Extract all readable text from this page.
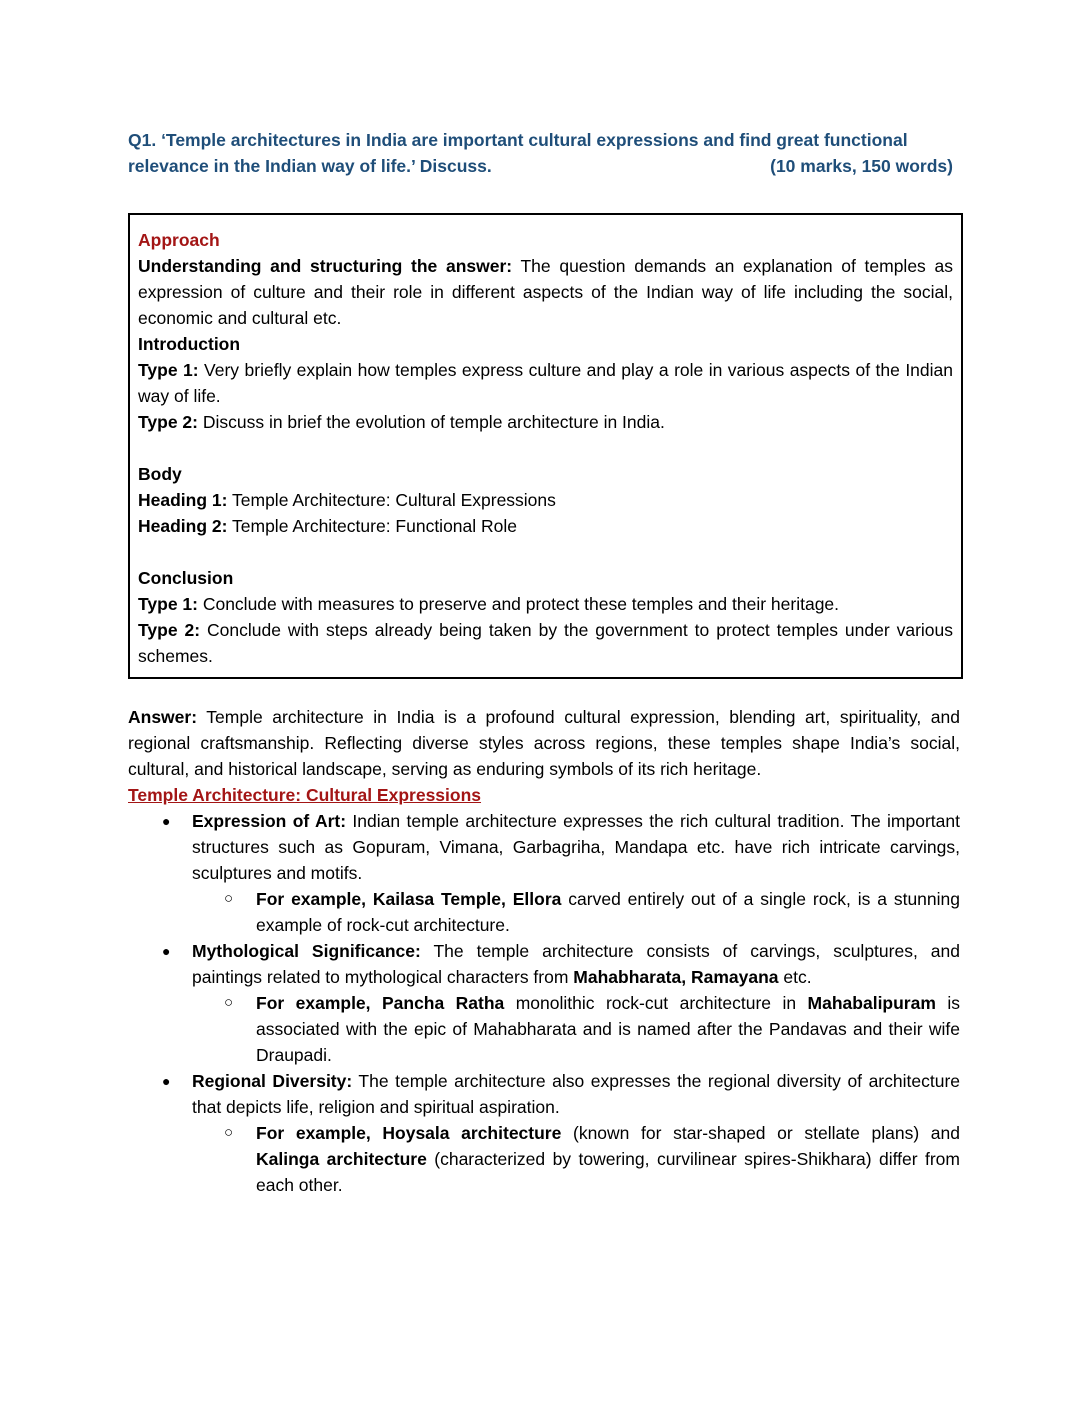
Q1. ‘Temple architectures in India are important cultural expressions and find great functional
relevance in the Indian way of life.’ Discuss.	(10 marks, 150 words)

Approach

Understanding and structuring the answer: The question demands an explanation of temples as expression of culture and their role in different aspects of the Indian way of life including the social, economic and cultural etc.

Introduction

Type 1: Very briefly explain how temples express culture and play a role in various aspects of the Indian way of life.

Type 2: Discuss in brief the evolution of temple architecture in India.

Body

Heading 1: Temple Architecture: Cultural Expressions

Heading 2: Temple Architecture: Functional Role

Conclusion

Type 1: Conclude with measures to preserve and protect these temples and their heritage.

Type 2: Conclude with steps already being taken by the government to protect temples under various schemes.

Answer: Temple architecture in India is a profound cultural expression, blending art, spirituality, and regional craftsmanship. Reflecting diverse styles across regions, these temples shape India’s social, cultural, and historical landscape, serving as enduring symbols of its rich heritage.

Temple Architecture: Cultural Expressions

● Expression of Art: Indian temple architecture expresses the rich cultural tradition. The important structures such as Gopuram, Vimana, Garbagriha, Mandapa etc. have rich intricate carvings, sculptures and motifs.
○ For example, Kailasa Temple, Ellora carved entirely out of a single rock, is a stunning example of rock-cut architecture.
● Mythological Significance: The temple architecture consists of carvings, sculptures, and paintings related to mythological characters from Mahabharata, Ramayana etc.
○ For example, Pancha Ratha monolithic rock-cut architecture in Mahabalipuram is associated with the epic of Mahabharata and is named after the Pandavas and their wife Draupadi.
● Regional Diversity: The temple architecture also expresses the regional diversity of architecture that depicts life, religion and spiritual aspiration.
○ For example, Hoysala architecture (known for star-shaped or stellate plans) and Kalinga architecture (characterized by towering, curvilinear spires-Shikhara) differ from each other.
